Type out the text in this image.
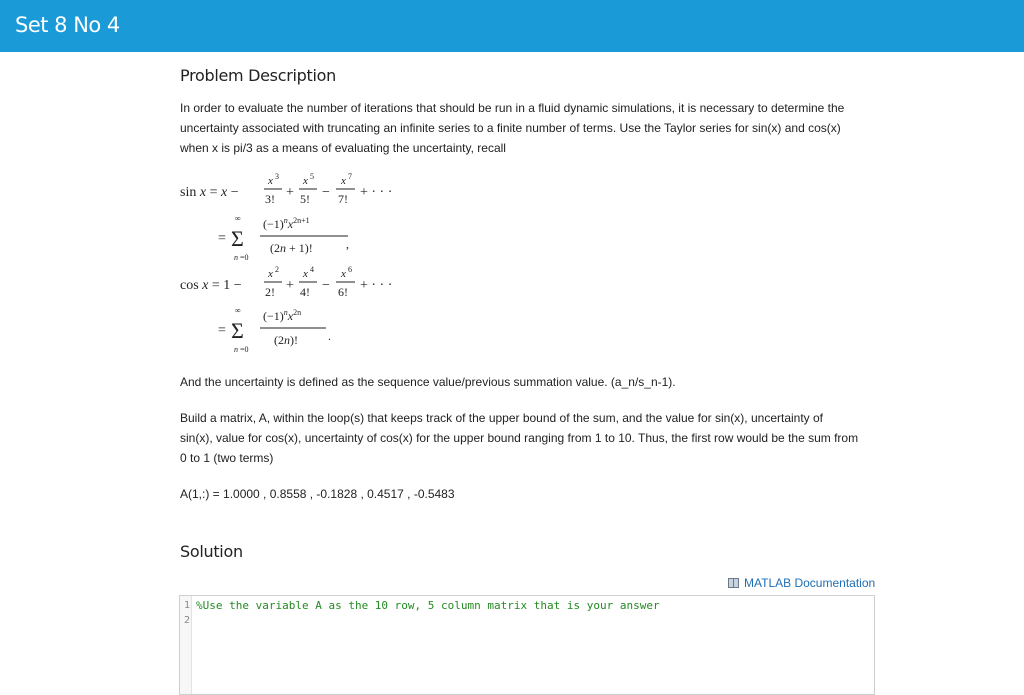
Set 8 No 4
Problem Description
In order to evaluate the number of iterations that should be run in a fluid dynamic simulations, it is necessary to determine the
uncertainty associated with truncating an infinite series to a finite number of terms. Use the Taylor series for sin(x) and cos(x)
when x is pi/3 as a means of evaluating the uncertainty, recall
sin x = x −
x 3
3! +
x 5
5! −
x 7
7! + · · ·
=
∞
Σ
n =0
$(-1)^nx^{2n+1}$
(2n + 1)!	,
cos x = 1 −
x 2
2! +
x 4
4! −
x 6
6! + · · ·
=
∞
Σ
n =0
$(-1)^nx^{2n}$
(2n)!	.
And the uncertainty is defined as the sequence value/previous summation value. (a_n/s_n-1).
Build a matrix, A, within the loop(s) that keeps track of the upper bound of the sum, and the value for sin(x), uncertainty of
sin(x), value for cos(x), uncertainty of cos(x) for the upper bound ranging from 1 to 10. Thus, the first row would be the sum from
0 to 1 (two terms)
A(1,:) = 1.0000 , 0.8558 , -0.1828 , 0.4517 , -0.5483
Solution
MATLAB Documentation
1
2
%Use the variable A as the 10 row, 5 column matrix that is your answer
